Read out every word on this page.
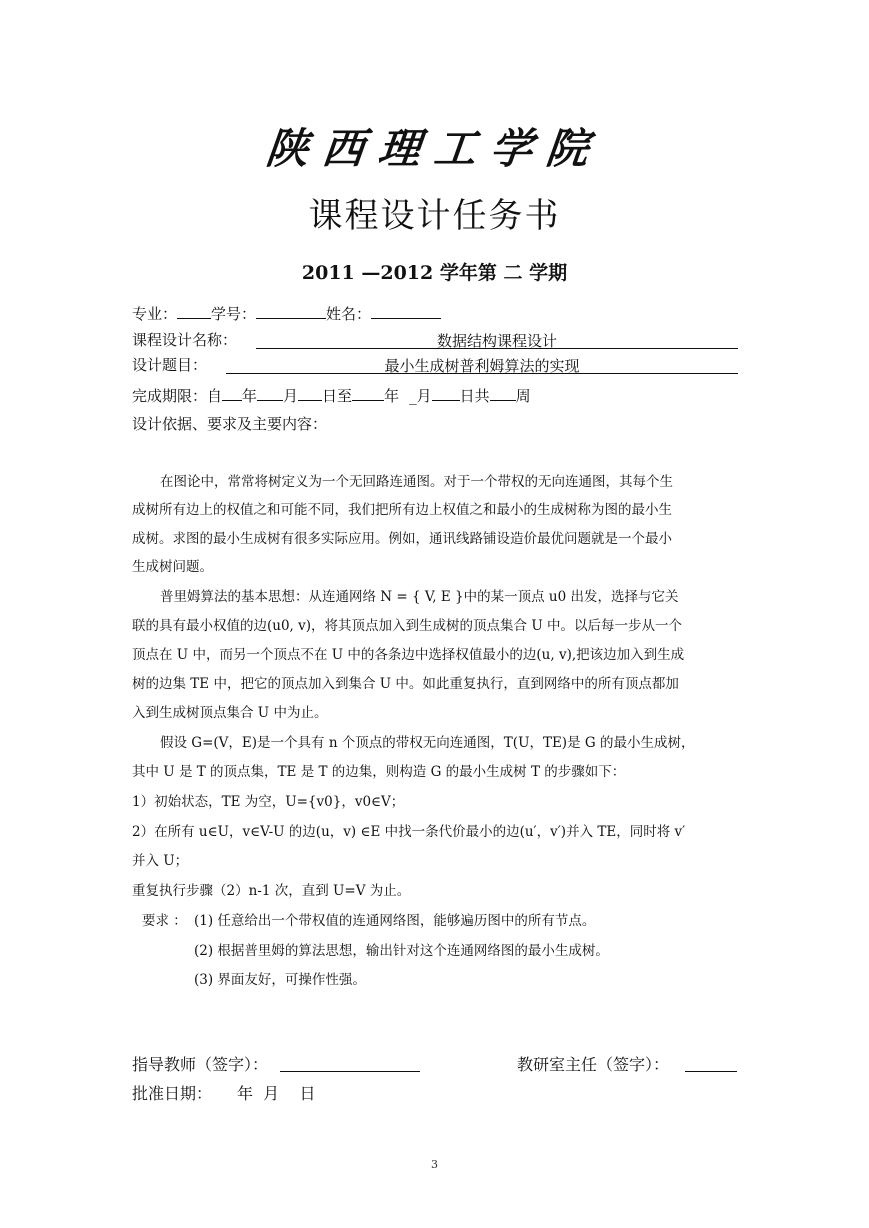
陕西理工学院
课程设计任务书
2011 —2012 学年第 二 学期
专业： 学号：	姓名：
课程设计名称：	数据结构课程设计
设计题目：	最小生成树普利姆算法的实现
完成期限：自 年 月 日至 年 _月 日共 周
设计依据、要求及主要内容：
在图论中，常常将树定义为一个无回路连通图。对于一个带权的无向连通图，其每个生
成树所有边上的权值之和可能不同，我们把所有边上权值之和最小的生成树称为图的最小生
成树。求图的最小生成树有很多实际应用。例如，通讯线路铺设造价最优问题就是一个最小
生成树问题。
普里姆算法的基本思想：从连通网络 N = { V, E }中的某一顶点 u0 出发，选择与它关
联的具有最小权值的边(u0, v)，将其顶点加入到生成树的顶点集合 U 中。以后每一步从一个
顶点在 U 中，而另一个顶点不在 U 中的各条边中选择权值最小的边(u, v),把该边加入到生成
树的边集 TE 中，把它的顶点加入到集合 U 中。如此重复执行，直到网络中的所有顶点都加
入到生成树顶点集合 U 中为止。
假设 G=(V，E)是一个具有 n 个顶点的带权无向连通图，T(U，TE)是 G 的最小生成树，
其中 U 是 T 的顶点集，TE 是 T 的边集，则构造 G 的最小生成树 T 的步骤如下：
1）初始状态，TE 为空，U={v0}，v0∈V；
2）在所有 u∈U，v∈V-U 的边(u，v) ∈E 中找一条代价最小的边(u′，v′)并入 TE，同时将 v′
并入 U；
重复执行步骤（2）n-1 次，直到 U=V 为止。
要求 ： (1) 任意给出一个带权值的连通网络图，能够遍历图中的所有节点。
(2) 根据普里姆的算法思想，输出针对这个连通网络图的最小生成树。
(3) 界面友好，可操作性强。
指导教师（签字）：	教研室主任（签字）：
批准日期： 年  月    日
3
